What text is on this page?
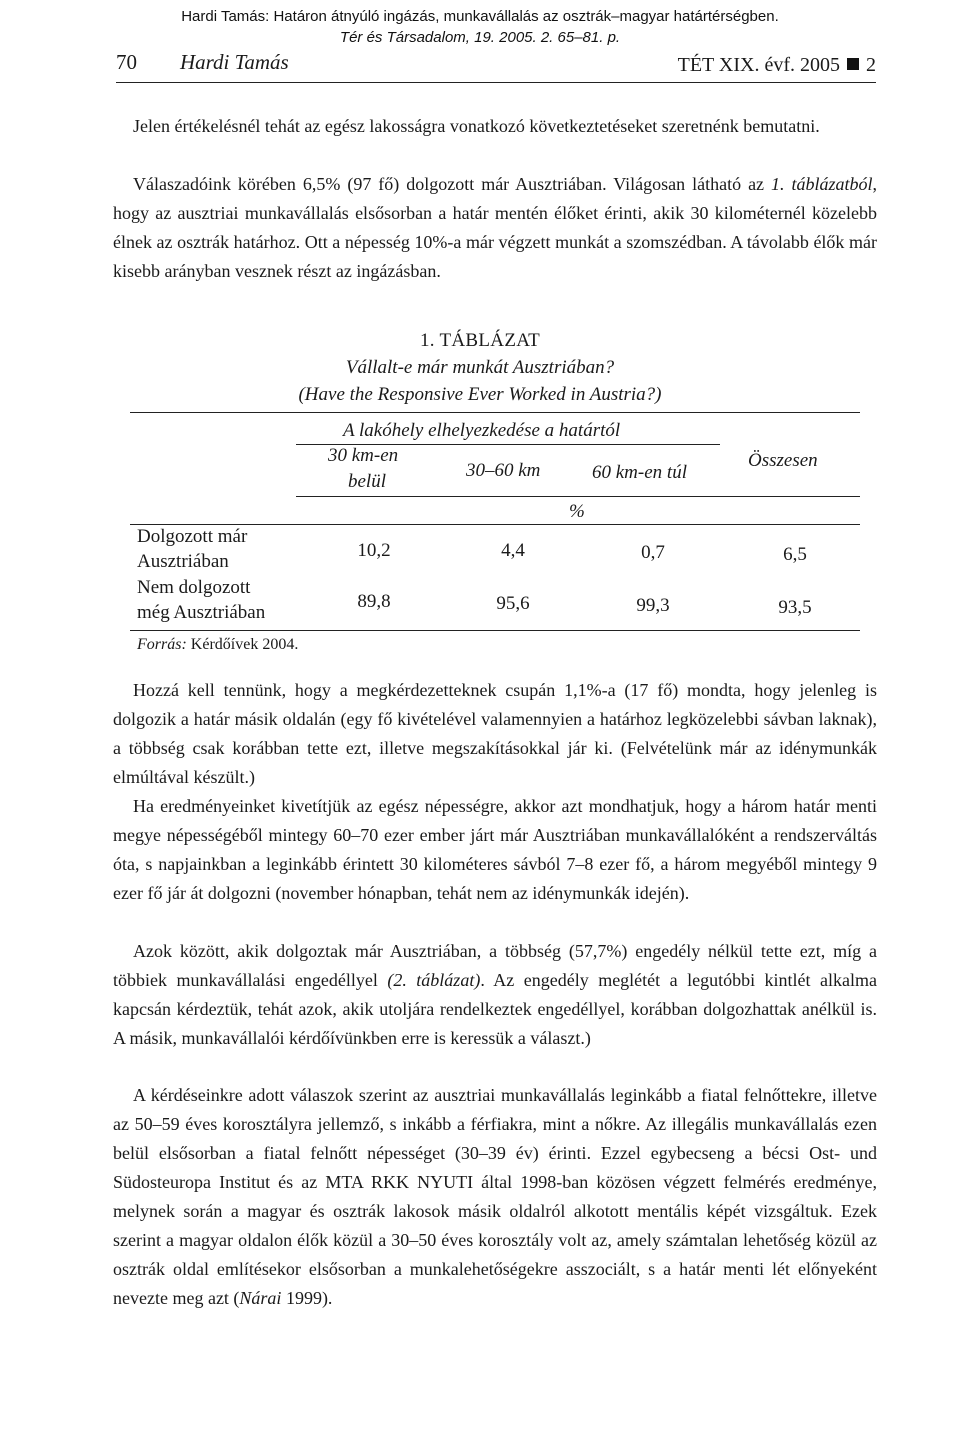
Hardi Tamás: Határon átnyúló ingázás, munkavállalás az osztrák–magyar határtérségben.
Tér és Társadalom, 19. 2005. 2. 65–81. p.
70 Hardi Tamás	TÉT XIX. évf. 2005 2

Jelen értékelésnél tehát az egész lakosságra vonatkozó következtetéseket szeretnénk bemutatni.

Válaszadóink körében 6,5% (97 fő) dolgozott már Ausztriában. Világosan látható az 1. táblázatból, hogy az ausztriai munkavállalás elsősorban a határ mentén élőket érinti, akik 30 kilométernél közelebb élnek az osztrák határhoz. Ott a népesség 10%-a már végzett munkát a szomszédban. A távolabb élők már kisebb arányban vesznek részt az ingázásban.

1. TÁBLÁZAT
Vállalt-e már munkát Ausztriában?
(Have the Responsive Ever Worked in Austria?)
A lakóhely elhelyezkedése a határtól
30 km-en
belül
30–60 km	60 km-en túl
Összesen
%
Dolgozott már
Ausztriában
10,2	4,4	0,7	6,5
Nem dolgozott
még Ausztriában
89,8	95,6	99,3	93,5
Forrás: Kérdőívek 2004.

Hozzá kell tennünk, hogy a megkérdezetteknek csupán 1,1%-a (17 fő) mondta, hogy jelenleg is dolgozik a határ másik oldalán (egy fő kivételével valamennyien a határhoz legközelebbi sávban laknak), a többség csak korábban tette ezt, illetve megszakításokkal jár ki. (Felvételünk már az idénymunkák elmúltával készült.)

Ha eredményeinket kivetítjük az egész népességre, akkor azt mondhatjuk, hogy a három határ menti megye népességéből mintegy 60–70 ezer ember járt már Ausztriában munkavállalóként a rendszerváltás óta, s napjainkban a leginkább érintett 30 kilométeres sávból 7–8 ezer fő, a három megyéből mintegy 9 ezer fő jár át dolgozni (november hónapban, tehát nem az idénymunkák idején).

Azok között, akik dolgoztak már Ausztriában, a többség (57,7%) engedély nélkül tette ezt, míg a többiek munkavállalási engedéllyel (2. táblázat). Az engedély meglétét a legutóbbi kintlét alkalma kapcsán kérdeztük, tehát azok, akik utoljára rendelkeztek engedéllyel, korábban dolgozhattak anélkül is. A másik, munkavállalói kérdőívünkben erre is keressük a választ.)

A kérdéseinkre adott válaszok szerint az ausztriai munkavállalás leginkább a fiatal felnőttekre, illetve az 50–59 éves korosztályra jellemző, s inkább a férfiakra, mint a nőkre. Az illegális munkavállalás ezen belül elsősorban a fiatal felnőtt népességet (30–39 év) érinti. Ezzel egybecseng a bécsi Ost- und Südosteuropa Institut és az MTA RKK NYUTI által 1998-ban közösen végzett felmérés eredménye, melynek során a magyar és osztrák lakosok másik oldalról alkotott mentális képét vizsgáltuk. Ezek szerint a magyar oldalon élők közül a 30–50 éves korosztály volt az, amely számtalan lehetőség közül az osztrák oldal említésekor elsősorban a munkalehetőségekre asszociált, s a határ menti lét előnyeként nevezte meg azt (Nárai 1999).
